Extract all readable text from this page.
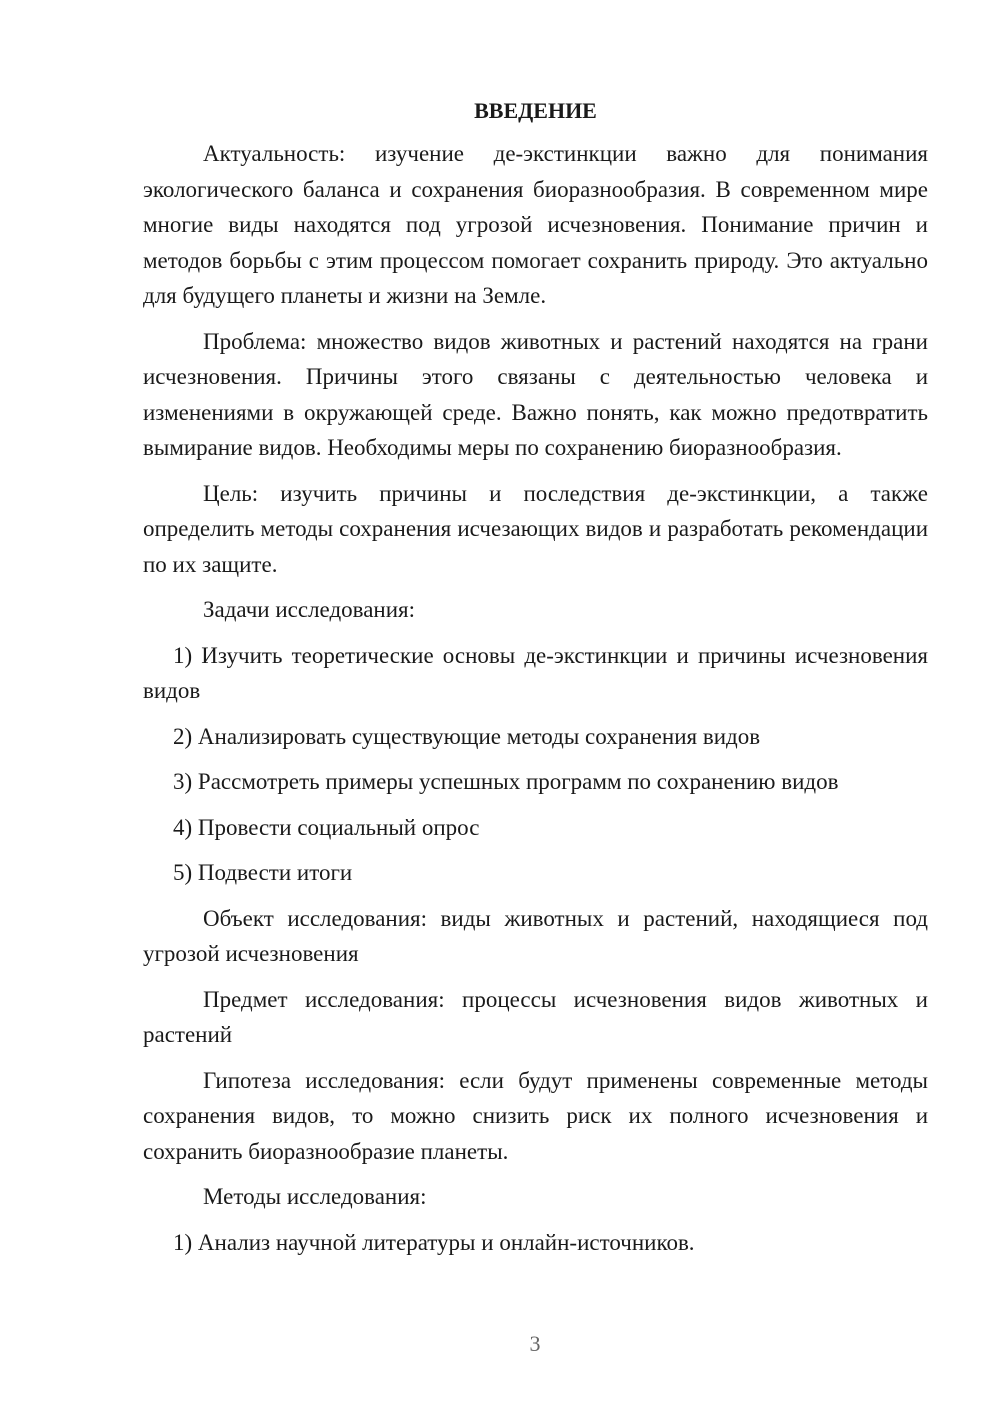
ВВЕДЕНИЕ
Актуальность: изучение де-экстинкции важно для понимания экологического баланса и сохранения биоразнообразия. В современном мире многие виды находятся под угрозой исчезновения. Понимание причин и методов борьбы с этим процессом помогает сохранить природу. Это актуально для будущего планеты и жизни на Земле.
Проблема: множество видов животных и растений находятся на грани исчезновения. Причины этого связаны с деятельностью человека и изменениями в окружающей среде. Важно понять, как можно предотвратить вымирание видов. Необходимы меры по сохранению биоразнообразия.
Цель: изучить причины и последствия де-экстинкции, а также определить методы сохранения исчезающих видов и разработать рекомендации по их защите.
Задачи исследования:
1) Изучить теоретические основы де-экстинкции и причины исчезновения видов
2) Анализировать существующие методы сохранения видов
3) Рассмотреть примеры успешных программ по сохранению видов
4) Провести социальный опрос
5) Подвести итоги
Объект исследования: виды животных и растений, находящиеся под угрозой исчезновения
Предмет исследования: процессы исчезновения видов животных и растений
Гипотеза исследования: если будут применены современные методы сохранения видов, то можно снизить риск их полного исчезновения и сохранить биоразнообразие планеты.
Методы исследования:
1) Анализ научной литературы и онлайн-источников.
3
